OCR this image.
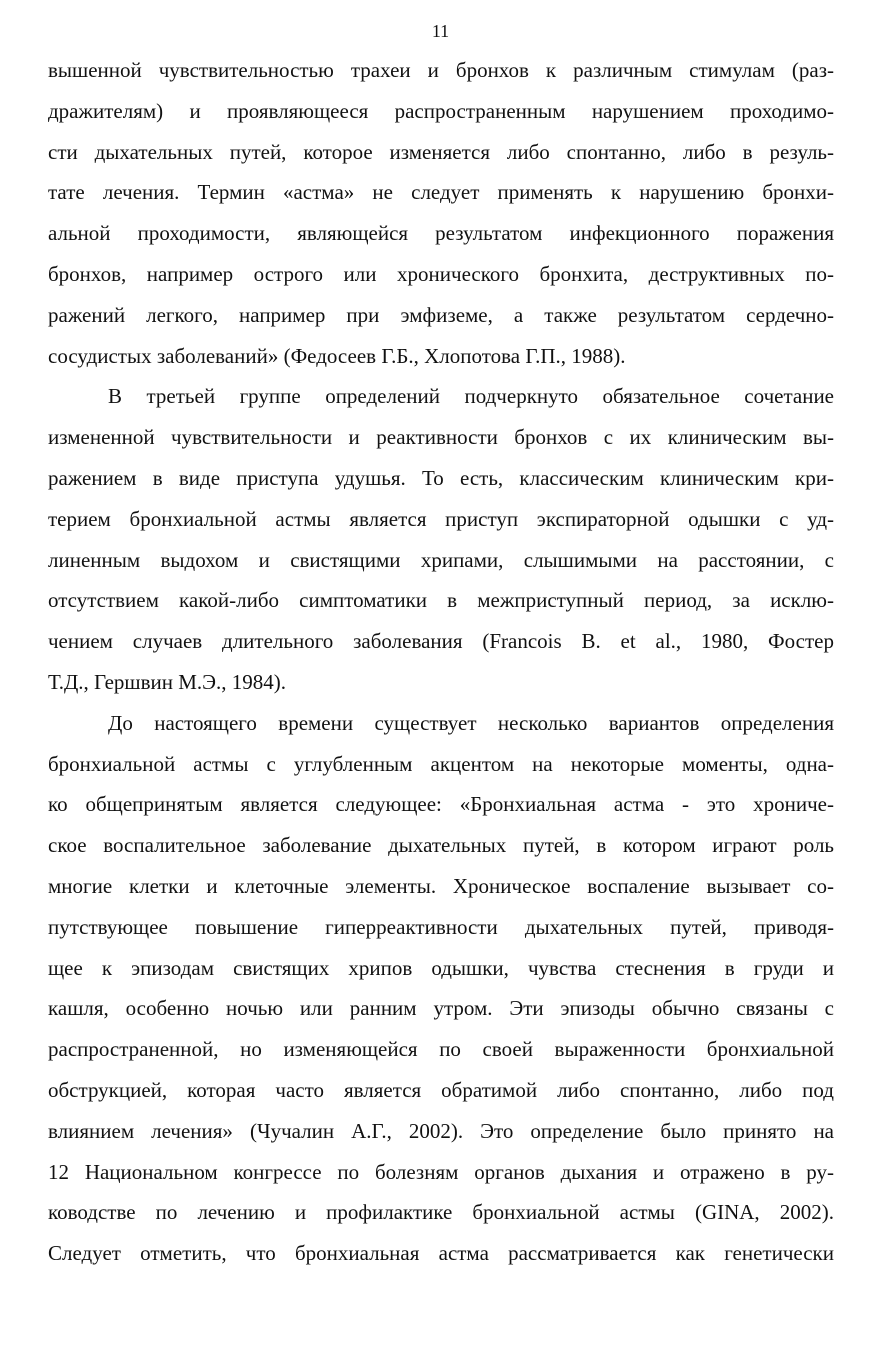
11
вышенной чувствительностью трахеи и бронхов к различным стимулам (раз-
дражителям) и проявляющееся распространенным нарушением проходимо-
сти дыхательных путей, которое изменяется либо спонтанно, либо в резуль-
тате лечения. Термин «астма» не следует применять к нарушению бронхи-
альной проходимости, являющейся результатом инфекционного поражения
бронхов, например острого или хронического бронхита, деструктивных по-
ражений легкого, например при эмфиземе, а также результатом сердечно-
сосудистых заболеваний» (Федосеев Г.Б., Хлопотова Г.П., 1988).
В третьей группе определений подчеркнуто обязательное сочетание
измененной чувствительности и реактивности бронхов с их клиническим вы-
ражением в виде приступа удушья. То есть, классическим клиническим кри-
терием бронхиальной астмы является приступ экспираторной одышки с уд-
линенным выдохом и свистящими хрипами, слышимыми на расстоянии, с
отсутствием какой-либо симптоматики в межприступный период, за исклю-
чением случаев длительного заболевания (Francois B. et al., 1980, Фостер
Т.Д., Гершвин М.Э., 1984).
До настоящего времени существует несколько вариантов определения
бронхиальной астмы с углубленным акцентом на некоторые моменты, одна-
ко общепринятым является следующее: «Бронхиальная астма - это хрониче-
ское воспалительное заболевание дыхательных путей, в котором играют роль
многие клетки и клеточные элементы. Хроническое воспаление вызывает со-
путствующее повышение гиперреактивности дыхательных путей, приводя-
щее к эпизодам свистящих хрипов одышки, чувства стеснения в груди и
кашля, особенно ночью или ранним утром. Эти эпизоды обычно связаны с
распространенной, но изменяющейся по своей выраженности бронхиальной
обструкцией, которая часто является обратимой либо спонтанно, либо под
влиянием лечения» (Чучалин А.Г., 2002). Это определение было принято на
12 Национальном конгрессе по болезням органов дыхания и отражено в ру-
ководстве по лечению и профилактике бронхиальной астмы (GINA, 2002).
Следует отметить, что бронхиальная астма рассматривается как генетически
